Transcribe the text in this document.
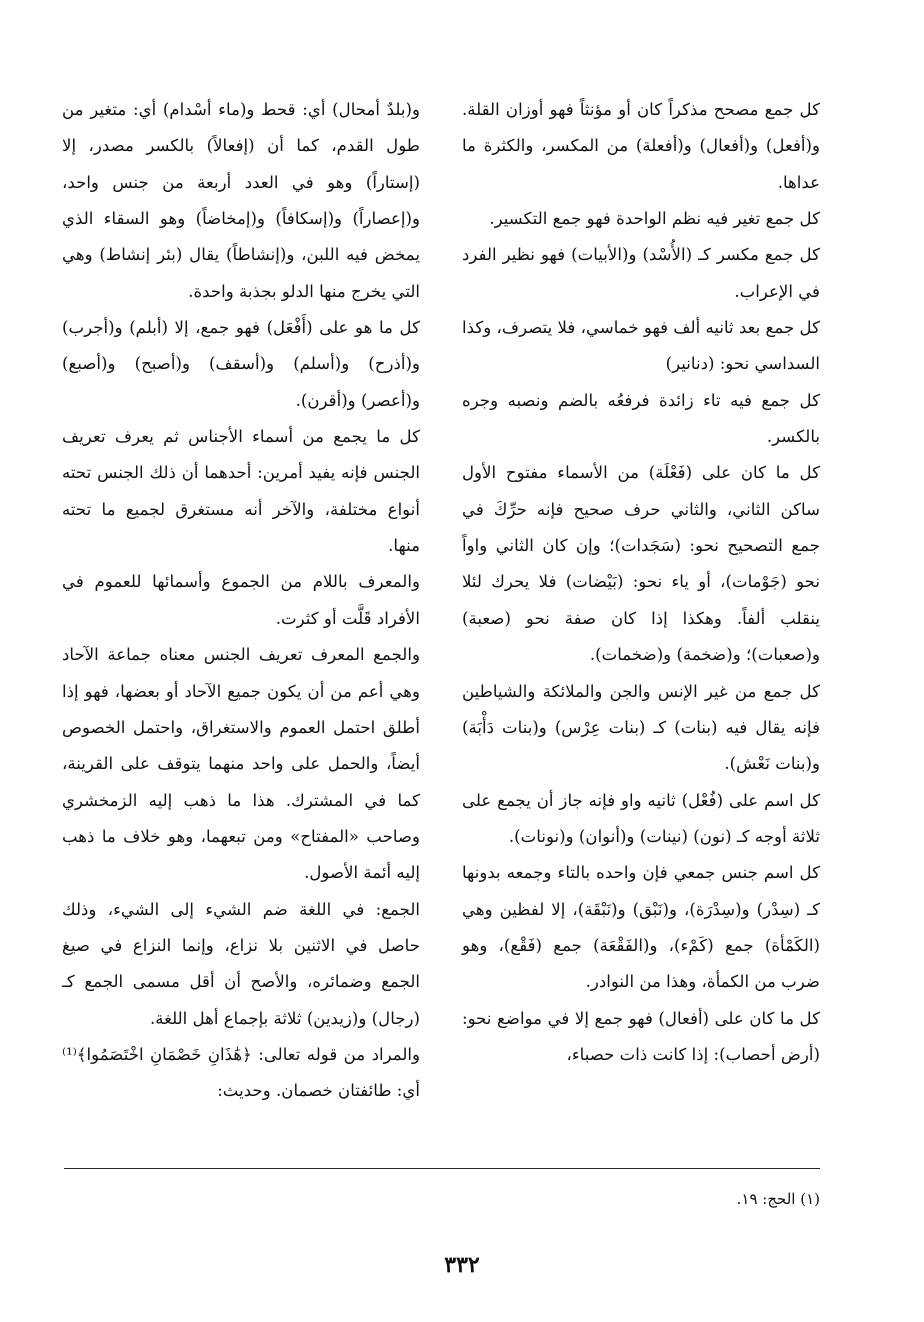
كل جمع مصحح مذكراً كان أو مؤنثاً فهو أوزان القلة. و(أفعل) و(أفعال) و(أفعلة) من المكسر، والكثرة ما عداها.

كل جمع تغير فيه نظم الواحدة فهو جمع التكسير.

كل جمع مكسر كـ (الأُسْد) و(الأبيات) فهو نظير الفرد في الإعراب.

كل جمع بعد ثانيه ألف فهو خماسي، فلا يتصرف، وكذا السداسي نحو: (دنانير)

كل جمع فيه تاء زائدة فرفعُه بالضم ونصبه وجره بالكسر.

كل ما كان على (فَعْلَة) من الأسماء مفتوح الأول ساكن الثاني، والثاني حرف صحيح فإنه حرِّكَ في جمع التصحيح نحو: (سَجَدات)؛ وإن كان الثاني واواً نحو (جَوْمات)، أو ياء نحو: (بَيْضات) فلا يحرك لئلا ينقلب ألفاً. وهكذا إذا كان صفة نحو (صعبة) و(صعبات)؛ و(ضخمة) و(ضخمات).

كل جمع من غير الإنس والجن والملائكة والشياطين فإنه يقال فيه (بنات) كـ (بنات عِرْس) و(بنات دَأْبَة) و(بنات نَعْش).

كل اسم على (فُعْل) ثانيه واو فإنه جاز أن يجمع على ثلاثة أوجه كـ (نون) (نينات) و(أنوان) و(نونات).

كل اسم جنس جمعي فإن واحده بالتاء وجمعه بدونها كـ (سِدْر) و(سِدْرَة)، و(نَبْق) و(نَبْقَة)، إلا لفظين وهي (الكَمْأة) جمع (كَمْء)، و(الفَقْعَة) جمع (فَقْع)، وهو ضرب من الكمأة، وهذا من النوادر.

كل ما كان على (أفعال) فهو جمع إلا في مواضع نحو: (أرض أحصاب): إذا كانت ذات حصباء،

و(بلدٌ أمحال) أي: قحط و(ماء أسْدام) أي: متغير من طول القدم، كما أن (إفعالاً) بالكسر مصدر، إلا (إستاراً) وهو في العدد أربعة من جنس واحد، و(إعصاراً) و(إسكافاً) و(إمخاضاً) وهو السقاء الذي يمخض فيه اللبن، و(إنشاطاً) يقال (بئر إنشاط) وهي التي يخرج منها الدلو بجذبة واحدة.

كل ما هو على (أَفْعَل) فهو جمع، إلا (أبلم) و(أجرب) و(أذرح) و(أسلم) و(أسقف) و(أصبح) و(أصبع) و(أعصر) و(أقرن).

كل ما يجمع من أسماء الأجناس ثم يعرف تعريف الجنس فإنه يفيد أمرين: أحدهما أن ذلك الجنس تحته أنواع مختلفة، والآخر أنه مستغرق لجميع ما تحته منها.

والمعرف باللام من الجموع وأسمائها للعموم في الأفراد قَلَّت أو كثرت.

والجمع المعرف تعريف الجنس معناه جماعة الآحاد وهي أعم من أن يكون جميع الآحاد أو بعضها، فهو إذا أطلق احتمل العموم والاستغراق، واحتمل الخصوص أيضاً، والحمل على واحد منهما يتوقف على القرينة، كما في المشترك. هذا ما ذهب إليه الزمخشري وصاحب «المفتاح» ومن تبعهما، وهو خلاف ما ذهب إليه أئمة الأصول.

الجمع: في اللغة ضم الشيء إلى الشيء، وذلك حاصل في الاثنين بلا نزاع، وإنما النزاع في صيغ الجمع وضمائره، والأصح أن أقل مسمى الجمع كـ (رجال) و(زيدين) ثلاثة بإجماع أهل اللغة.

والمراد من قوله تعالى: ﴿هَٰذَانِ خَصْمَانِ اخْتَصَمُوا﴾⁽¹⁾ أي: طائفتان خصمان. وحديث:

(١) الحج: ١٩.
٣٣٢
